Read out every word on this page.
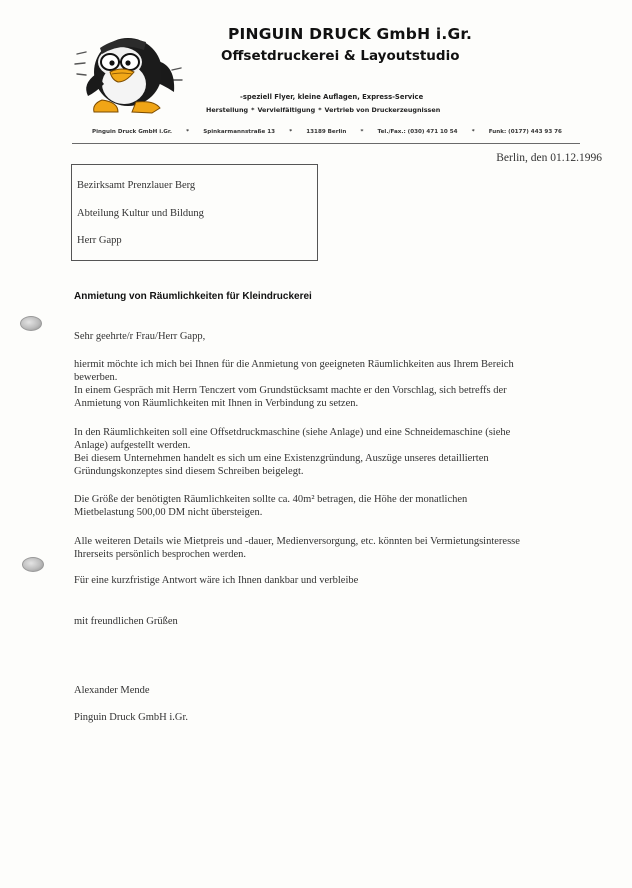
PINGUIN DRUCK GmbH i.Gr.
Offsetdruckerei & Layoutstudio
-speziell Flyer, kleine Auflagen, Express-Service
Herstellung * Vervielfältigung * Vertrieb von Druckerzeugnissen
Pinguin Druck GmbH i.Gr.	*	Spinkarmannstraße 13	*	13189 Berlin	*	Tel./Fax.: (030) 471 10 54	*	Funk: (0177) 443 93 76
Berlin, den 01.12.1996
Bezirksamt Prenzlauer Berg
Abteilung Kultur und Bildung
Herr Gapp
Anmietung von Räumlichkeiten für Kleindruckerei

Sehr geehrte/r Frau/Herr Gapp,

hiermit möchte ich mich bei Ihnen für die Anmietung von geeigneten Räumlichkeiten aus Ihrem Bereich

bewerben.

In einem Gespräch mit Herrn Tenczert vom Grundstücksamt machte er den Vorschlag, sich betreffs der

Anmietung von Räumlichkeiten mit Ihnen in Verbindung zu setzen.

In den Räumlichkeiten soll eine Offsetdruckmaschine (siehe Anlage) und eine Schneidemaschine (siehe

Anlage) aufgestellt werden.

Bei diesem Unternehmen handelt es sich um eine Existenzgründung, Auszüge unseres detaillierten

Gründungskonzeptes sind diesem Schreiben beigelegt.

Die Größe der benötigten Räumlichkeiten sollte ca. 40m² betragen, die Höhe der monatlichen

Mietbelastung 500,00 DM nicht übersteigen.

Alle weiteren Details wie Mietpreis und -dauer, Medienversorgung, etc. könnten bei Vermietungsinteresse

Ihrerseits persönlich besprochen werden.

Für eine kurzfristige Antwort wäre ich Ihnen dankbar und verbleibe

mit freundlichen Grüßen

Alexander Mende

Pinguin Druck GmbH i.Gr.
